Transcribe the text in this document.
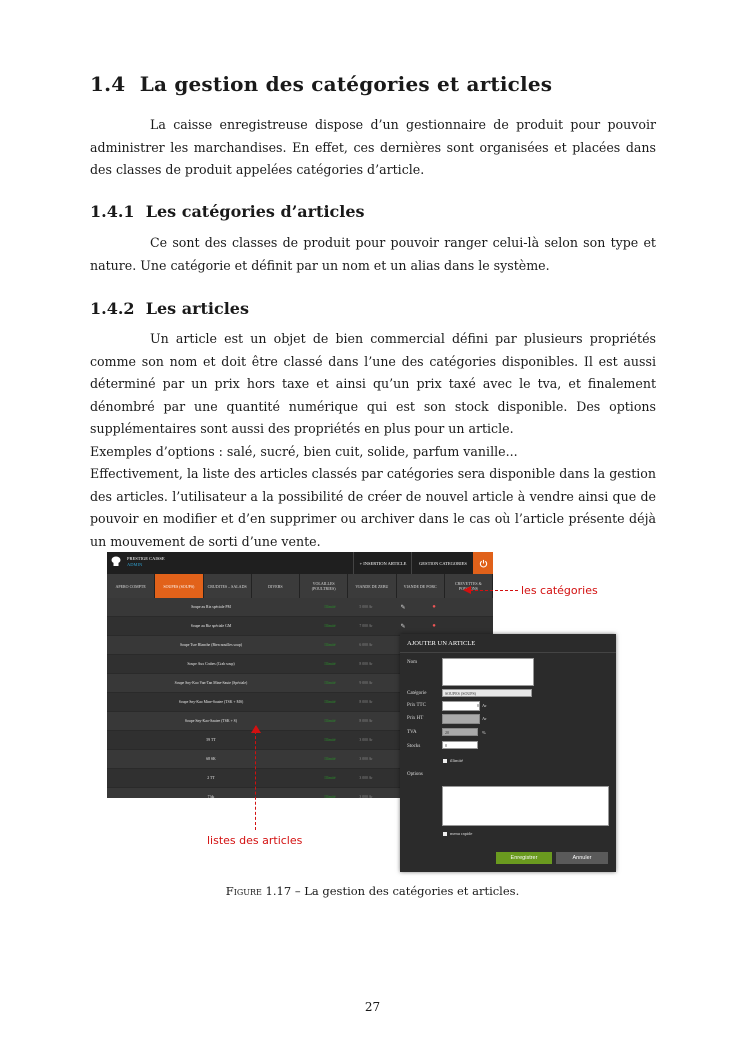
1.4 La gestion des catégories et articles

La caisse enregistreuse dispose d’un gestionnaire de produit pour pouvoir administrer les marchandises. En effet, ces dernières sont organisées et placées dans des classes de produit appelées catégories d’article.

1.4.1 Les catégories d’articles

Ce sont des classes de produit pour pouvoir ranger celui-là selon son type et nature. Une catégorie et définit par un nom et un alias dans le système.

1.4.2 Les articles
Un article est un objet de bien commercial défini par plusieurs propriétés comme son nom et doit être classé dans l’une des catégories disponibles. Il est aussi déterminé par un prix hors taxe et ainsi qu’un prix taxé avec le tva, et finalement dénombré par une quantité numérique qui est son stock disponible. Des options supplémentaires sont aussi des propriétés en plus pour un article.
Exemples d’options : salé, sucré, bien cuit, solide, parfum vanille...
Effectivement, la liste des articles classés par catégories sera disponible dans la gestion des articles. l’utilisateur a la possibilité de créer de nouvel article à vendre ainsi que de pouvoir en modifier et d’en supprimer ou archiver dans le cas où l’article présente déjà un mouvement de sorti d’une vente.
PRESTIGE CAISSE
ADMIN	+ INSERTION ARTICLE	GESTION CATEGORIES
APERO COMPTE	SOUPES (SOUPS)	CRUDITES – SALADS	DIVERS	VOLAILLES (POULTRIES)	VIANDE DE ZEBU	VIANDE DE PORC	CREVETTES & POISSONS
Soupe au Riz spéciale PM	Illimité	5 000 Ar	✎	●
Soupe au Riz spéciale GM	Illimité	7 000 Ar	✎	●
Soupe Tsre Blanche (Bien nouilles soup)	Illimité	6 000 Ar
Soupe Aux Crabes (Crab soup)	Illimité	8 000 Ar
Soupe Sny-Kao Van-Tan Mine-Saute (Spéciale)	Illimité	9 000 Ar
Soupe Sny-Kao Mine-Sautee (TSK + MS)	Illimité	8 000 Ar
Soupe Sny-Kao-Sautee (TSK + S)	Illimité	8 000 Ar
59 TT	Illimité	3 000 Ar
68 SK	Illimité	3 000 Ar
2 TT	Illimité	3 000 Ar
7 bk	Illimité	3 000 Ar
les catégories
listes des articles
AJOUTER UN ARTICLE
Nom
Catégorie	SOUPES (SOUPS)
Prix TTC	0 Ar
Prix HT	Ar
TVA	20	%
Stocks	0
illimité
Options
menu rapide
Enregistrer	Annuler
Figure 1.17 – La gestion des catégories et articles.
27
